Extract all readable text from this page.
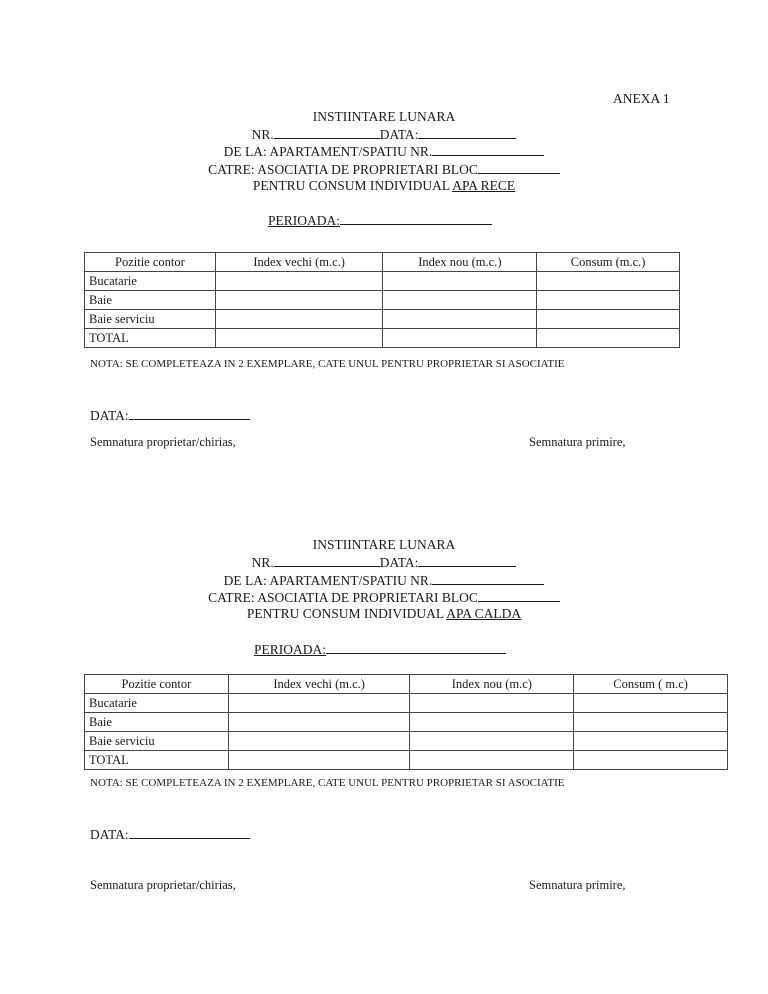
ANEXA 1
INSTIINTARE LUNARA
NR.	DATA:
DE LA: APARTAMENT/SPATIU NR.
CATRE: ASOCIATIA DE PROPRIETARI BLOC
PENTRU CONSUM INDIVIDUAL APA RECE
PERIOADA:
Pozitie contor	Index vechi (m.c.)	Index nou (m.c.)	Consum (m.c.)
Bucatarie			
Baie			
Baie serviciu			
TOTAL			
NOTA: SE COMPLETEAZA IN 2 EXEMPLARE, CATE UNUL PENTRU PROPRIETAR SI ASOCIATIE
DATA:
Semnatura proprietar/chirias,	Semnatura primire,
INSTIINTARE LUNARA
NR.	DATA:
DE LA: APARTAMENT/SPATIU NR.
CATRE: ASOCIATIA DE PROPRIETARI BLOC
PENTRU CONSUM INDIVIDUAL APA CALDA
PERIOADA:
Pozitie contor	Index vechi (m.c.)	Index nou (m.c)	Consum ( m.c)
Bucatarie			
Baie			
Baie serviciu			
TOTAL			
NOTA: SE COMPLETEAZA IN 2 EXEMPLARE, CATE UNUL PENTRU PROPRIETAR SI ASOCIATIE
DATA:
Semnatura proprietar/chirias,	Semnatura primire,
